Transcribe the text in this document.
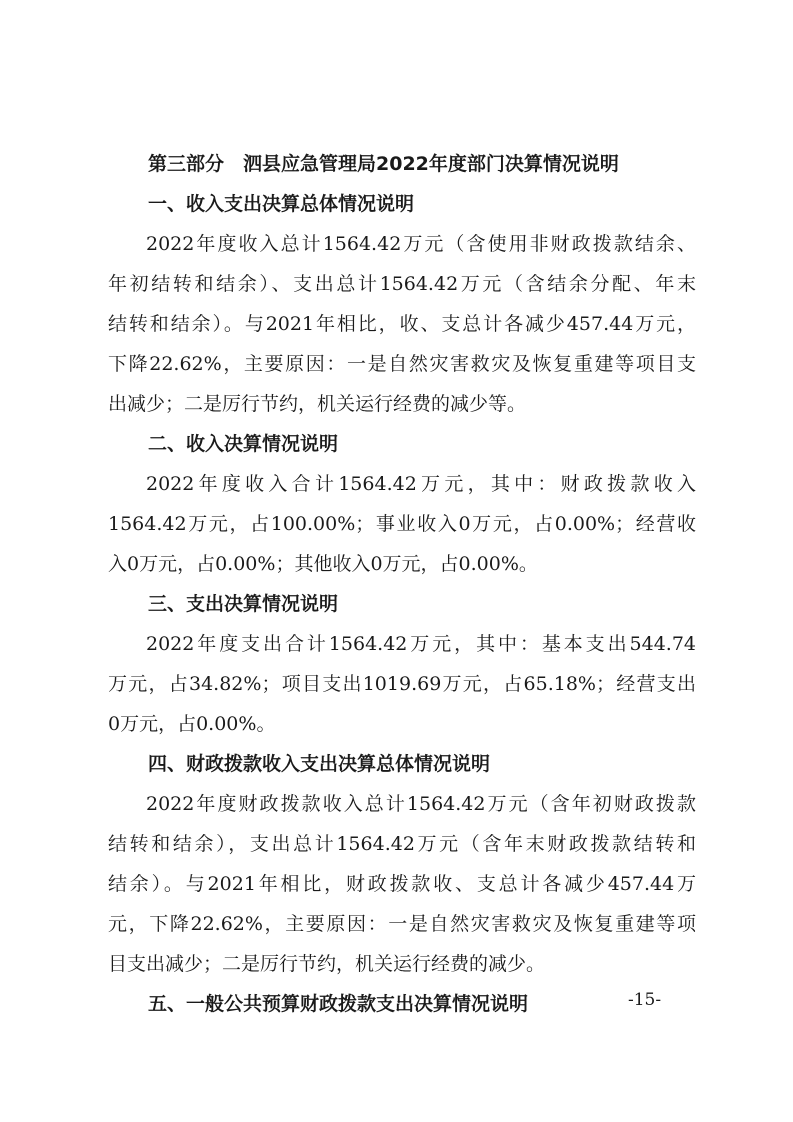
第三部分　泗县应急管理局2022年度部门决算情况说明
一、收入支出决算总体情况说明
2022年度收入总计1564.42万元（含使用非财政拨款结余、
年初结转和结余）、支出总计1564.42万元（含结余分配、年末
结转和结余）。与2021年相比，收、支总计各减少457.44万元，
下降22.62%，主要原因：一是自然灾害救灾及恢复重建等项目支
出减少；二是厉行节约，机关运行经费的减少等。
二、收入决算情况说明
2022年度收入合计1564.42万元，其中：财政拨款收入
1564.42万元，占100.00%；事业收入0万元，占0.00%；经营收
入0万元，占0.00%；其他收入0万元，占0.00%。
三、支出决算情况说明
2022年度支出合计1564.42万元，其中：基本支出544.74
万元，占34.82%；项目支出1019.69万元，占65.18%；经营支出
0万元，占0.00%。
四、财政拨款收入支出决算总体情况说明
2022年度财政拨款收入总计1564.42万元（含年初财政拨款
结转和结余），支出总计1564.42万元（含年末财政拨款结转和
结余）。与2021年相比，财政拨款收、支总计各减少457.44万
元，下降22.62%，主要原因：一是自然灾害救灾及恢复重建等项
目支出减少；二是厉行节约，机关运行经费的减少。
五、一般公共预算财政拨款支出决算情况说明	-15-
